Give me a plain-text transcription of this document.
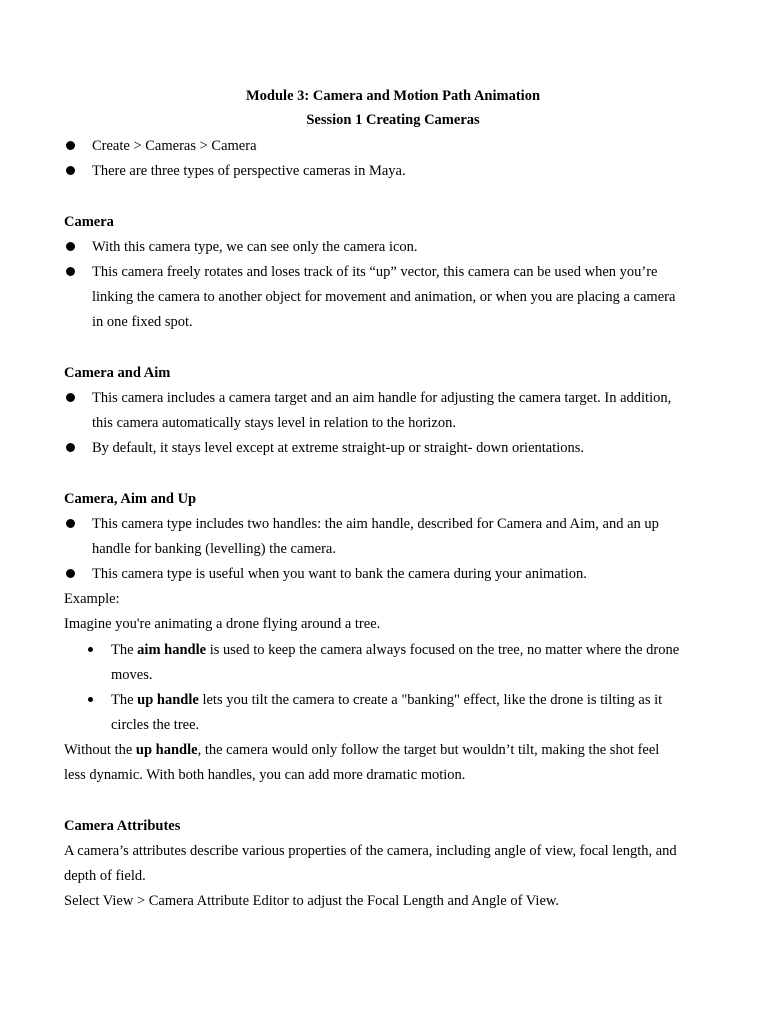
Module 3: Camera and Motion Path Animation
Session 1 Creating Cameras
Create > Cameras > Camera
There are three types of perspective cameras in Maya.
Camera
With this camera type, we can see only the camera icon.
This camera freely rotates and loses track of its “up” vector, this camera can be used when you’re
linking the camera to another object for movement and animation, or when you are placing a camera
in one fixed spot.
Camera and Aim
This camera includes a camera target and an aim handle for adjusting the camera target. In addition,
this camera automatically stays level in relation to the horizon.
By default, it stays level except at extreme straight-up or straight- down orientations.
Camera, Aim and Up
This camera type includes two handles: the aim handle, described for Camera and Aim, and an up
handle for banking (levelling) the camera.
This camera type is useful when you want to bank the camera during your animation.
Example:
Imagine you're animating a drone flying around a tree.
The aim handle is used to keep the camera always focused on the tree, no matter where the drone
moves.
The up handle lets you tilt the camera to create a "banking" effect, like the drone is tilting as it
circles the tree.
Without the up handle, the camera would only follow the target but wouldn’t tilt, making the shot feel
less dynamic. With both handles, you can add more dramatic motion.
Camera Attributes
A camera’s attributes describe various properties of the camera, including angle of view, focal length, and
depth of field.
Select View > Camera Attribute Editor to adjust the Focal Length and Angle of View.
